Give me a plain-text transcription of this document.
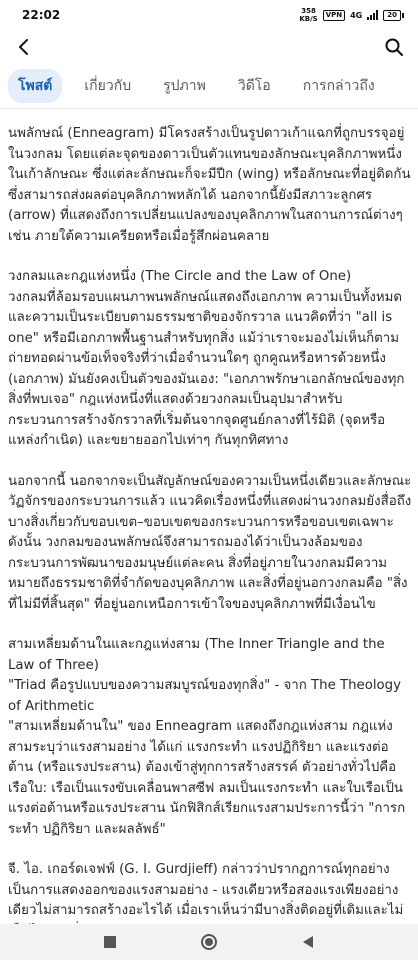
22:02	358
KB/S
VPN	4G	20
โพสต์	เกี่ยวกับ	รูปภาพ	วิดีโอ	การกล่าวถึง

นพลักษณ์ (Enneagram) มีโครงสร้างเป็นรูปดาวเก้าแฉกที่ถูกบรรจุอยู่ในวงกลม โดยแต่ละจุดของดาวเป็นตัวแทนของลักษณะบุคลิกภาพหนึ่งในเก้าลักษณะ ซึ่งแต่ละลักษณะก็จะมีปีก (wing) หรือลักษณะที่อยู่ติดกัน ซึ่งสามารถส่งผลต่อบุคลิกภาพหลักได้ นอกจากนี้ยังมีสภาวะลูกศร (arrow) ที่แสดงถึงการเปลี่ยนแปลงของบุคลิกภาพในสถานการณ์ต่างๆ เช่น ภายใต้ความเครียดหรือเมื่อรู้สึกผ่อนคลาย

วงกลมและกฎแห่งหนึ่ง (The Circle and the Law of One)

วงกลมที่ล้อมรอบแผนภาพนพลักษณ์แสดงถึงเอกภาพ ความเป็นทั้งหมด และความเป็นระเบียบตามธรรมชาติของจักรวาล แนวคิดที่ว่า "all is one" หรือมีเอกภาพพื้นฐานสำหรับทุกสิ่ง แม้ว่าเราจะมองไม่เห็นก็ตาม ถ่ายทอดผ่านข้อเท็จจริงที่ว่าเมื่อจำนวนใดๆ ถูกคูณหรือหารด้วยหนึ่ง (เอกภาพ) มันยังคงเป็นตัวของมันเอง: "เอกภาพรักษาเอกลักษณ์ของทุกสิ่งที่พบเจอ" กฎแห่งหนึ่งที่แสดงด้วยวงกลมเป็นอุปมาสำหรับกระบวนการสร้างจักรวาลที่เริ่มต้นจากจุดศูนย์กลางที่ไร้มิติ (จุดหรือแหล่งกำเนิด) และขยายออกไปเท่าๆ กันทุกทิศทาง

นอกจากนี้ นอกจากจะเป็นสัญลักษณ์ของความเป็นหนึ่งเดียวและลักษณะวัฏจักรของกระบวนการแล้ว แนวคิดเรื่องหนึ่งที่แสดงผ่านวงกลมยังสื่อถึงบางสิ่งเกี่ยวกับขอบเขต–ขอบเขตของกระบวนการหรือขอบเขตเฉพาะ ดังนั้น วงกลมของนพลักษณ์จึงสามารถมองได้ว่าเป็นวงล้อมของกระบวนการพัฒนาของมนุษย์แต่ละคน สิ่งที่อยู่ภายในวงกลมมีความหมายถึงธรรมชาติที่จำกัดของบุคลิกภาพ และสิ่งที่อยู่นอกวงกลมคือ "สิ่งที่ไม่มีที่สิ้นสุด" ที่อยู่นอกเหนือการเข้าใจของบุคลิกภาพที่มีเงื่อนไข

สามเหลี่ยมด้านในและกฎแห่งสาม (The Inner Triangle and the Law of Three)

"Triad คือรูปแบบของความสมบูรณ์ของทุกสิ่ง" - จาก The Theology of Arithmetic

"สามเหลี่ยมด้านใน" ของ Enneagram แสดงถึงกฎแห่งสาม กฎแห่งสามระบุว่าแรงสามอย่าง ได้แก่ แรงกระทำ แรงปฏิกิริยา และแรงต่อต้าน (หรือแรงประสาน) ต้องเข้าสู่ทุกการสร้างสรรค์ ตัวอย่างทั่วไปคือเรือใบ: เรือเป็นแรงขับเคลื่อนพาสซีฟ ลมเป็นแรงกระทำ และใบเรือเป็นแรงต่อต้านหรือแรงประสาน นักฟิสิกส์เรียกแรงสามประการนี้ว่า "การกระทำ ปฏิกิริยา และผลลัพธ์"

จี. ไอ. เกอร์ดเจฟฟ์ (G. I. Gurdjieff) กล่าวว่าปรากฏการณ์ทุกอย่างเป็นการแสดงออกของแรงสามอย่าง - แรงเดียวหรือสองแรงเพียงอย่างเดียวไม่สามารถสร้างอะไรได้ เมื่อเราเห็นว่ามีบางสิ่งติดอยู่ที่เดิมและไม่
